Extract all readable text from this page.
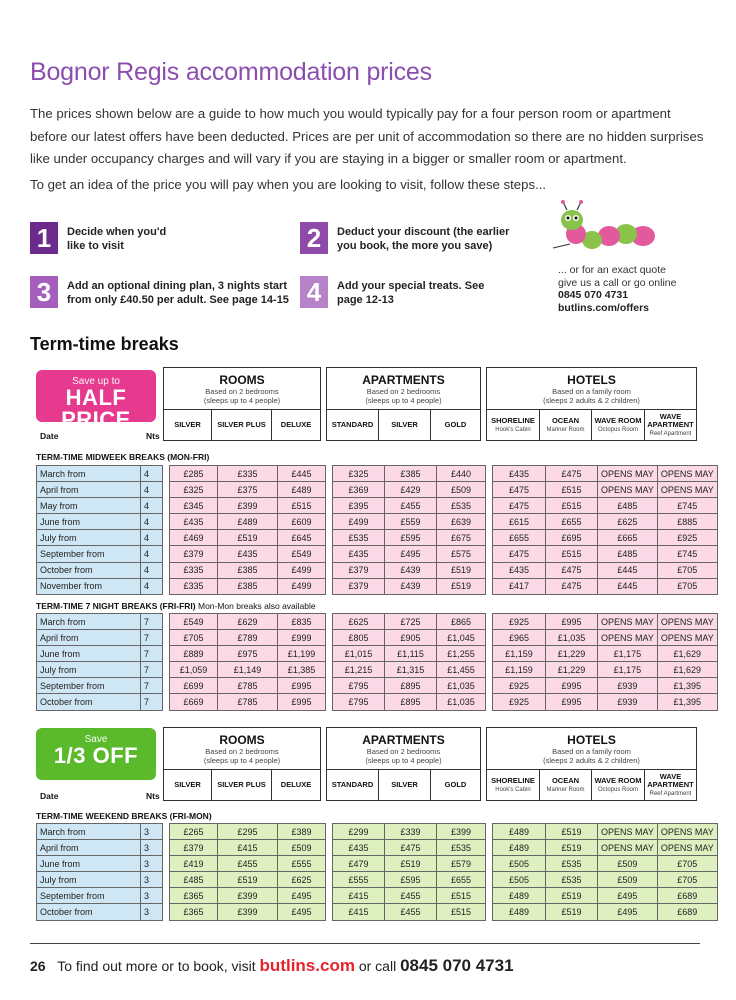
Bognor Regis accommodation prices

The prices shown below are a guide to how much you would typically pay for a four person room or apartment before our latest offers have been deducted. Prices are per unit of accommodation so there are no hidden surprises like under occupancy charges and will vary if you are staying in a bigger or smaller room or apartment.

To get an idea of the price you will pay when you are looking to visit, follow these steps...

1	Decide when you'd like to visit	2	Deduct your discount (the earlier you book, the more you save)
3	Add an optional dining plan, 3 nights start from only £40.50 per adult. See page 14-15 4	Add your special treats. See page 12-13
... or for an exact quote
give us a call or go online
0845 070 4731
butlins.com/offers
Term-time breaks
Save up to
HALF PRICE
Date	Nts
ROOMS
Based on 2 bedrooms
(sleeps up to 4 people)
SILVER	SILVER PLUS	DELUXE
APARTMENTS
Based on 2 bedrooms
(sleeps up to 4 people)
STANDARD	SILVER	GOLD
HOTELS
Based on a family room
(sleeps 2 adults & 2 children)
SHORELINE
Hook's Cabin
OCEAN
Mariner Room
WAVE ROOM
Octopus Room
WAVE APARTMENT
Reef Apartment
TERM-TIME MIDWEEK BREAKS (MON-FRI)
March from	4		£285	£335	£445		£325	£385	£440		£435	£475	OPENS MAY	OPENS MAY
April from	4		£325	£375	£489		£369	£429	£509		£475	£515	OPENS MAY	OPENS MAY
May from	4		£345	£399	£515		£395	£455	£535		£475	£515	£485	£745
June from	4		£435	£489	£609		£499	£559	£639		£615	£655	£625	£885
July from	4		£469	£519	£645		£535	£595	£675		£655	£695	£665	£925
September from	4		£379	£435	£549		£435	£495	£575		£475	£515	£485	£745
October from	4		£335	£385	£499		£379	£439	£519		£435	£475	£445	£705
November from	4		£335	£385	£499		£379	£439	£519		£417	£475	£445	£705
TERM-TIME 7 NIGHT BREAKS (FRI-FRI) Mon-Mon breaks also available
March from	7		£549	£629	£835		£625	£725	£865		£925	£995	OPENS MAY	OPENS MAY
April from	7		£705	£789	£999		£805	£905	£1,045		£965	£1,035	OPENS MAY	OPENS MAY
June from	7		£889	£975	£1,199		£1,015	£1,115	£1,255		£1,159	£1,229	£1,175	£1,629
July from	7		£1,059	£1,149	£1,385		£1,215	£1,315	£1,455		£1,159	£1,229	£1,175	£1,629
September from	7		£699	£785	£995		£795	£895	£1,035		£925	£995	£939	£1,395
October from	7		£669	£785	£995		£795	£895	£1,035		£925	£995	£939	£1,395
Save
1/3 OFF
Date	Nts
ROOMS
Based on 2 bedrooms
(sleeps up to 4 people)
SILVER	SILVER PLUS	DELUXE
APARTMENTS
Based on 2 bedrooms
(sleeps up to 4 people)
STANDARD	SILVER	GOLD
HOTELS
Based on a family room
(sleeps 2 adults & 2 children)
SHORELINE
Hook's Cabin
OCEAN
Mariner Room
WAVE ROOM
Octopus Room
WAVE APARTMENT
Reef Apartment
TERM-TIME WEEKEND BREAKS (FRI-MON)
March from	3		£265	£295	£389		£299	£339	£399		£489	£519	OPENS MAY	OPENS MAY
April from	3		£379	£415	£509		£435	£475	£535		£489	£519	OPENS MAY	OPENS MAY
June from	3		£419	£455	£555		£479	£519	£579		£505	£535	£509	£705
July from	3		£485	£519	£625		£555	£595	£655		£505	£535	£509	£705
September from	3		£365	£399	£495		£415	£455	£515		£489	£519	£495	£689
October from	3		£365	£399	£495		£415	£455	£515		£489	£519	£495	£689
26 To find out more or to book, visit butlins.com or call 0845 070 4731
